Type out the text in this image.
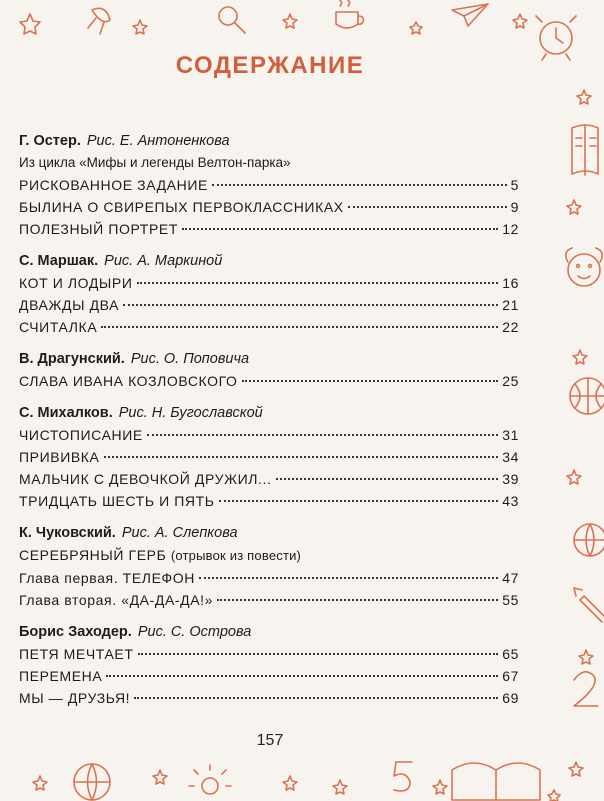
СОДЕРЖАНИЕ
Г. Остер. Рис. Е. Антоненкова
Из цикла «Мифы и легенды Велтон-парка»
РИСКОВАННОЕ ЗАДАНИЕ	5
БЫЛИНА О СВИРЕПЫХ ПЕРВОКЛАССНИКАХ	9
ПОЛЕЗНЫЙ ПОРТРЕТ	12
С. Маршак. Рис. А. Маркиной
КОТ И ЛОДЫРИ	16
ДВАЖДЫ ДВА	21
СЧИТАЛКА	22
В. Драгунский. Рис. О. Поповича
СЛАВА ИВАНА КОЗЛОВСКОГО	25
С. Михалков. Рис. Н. Бугославской
ЧИСТОПИСАНИЕ	31
ПРИВИВКА	34
МАЛЬЧИК С ДЕВОЧКОЙ ДРУЖИЛ...	39
ТРИДЦАТЬ ШЕСТЬ И ПЯТЬ	43
К. Чуковский. Рис. А. Слепкова
СЕРЕБРЯНЫЙ ГЕРБ (отрывок из повести)
Глава первая. ТЕЛЕФОН	47
Глава вторая. «ДА-ДА-ДА!»	55
Борис Заходер. Рис. С. Острова
ПЕТЯ МЕЧТАЕТ	65
ПЕРЕМЕНА	67
МЫ — ДРУЗЬЯ!	69
157
